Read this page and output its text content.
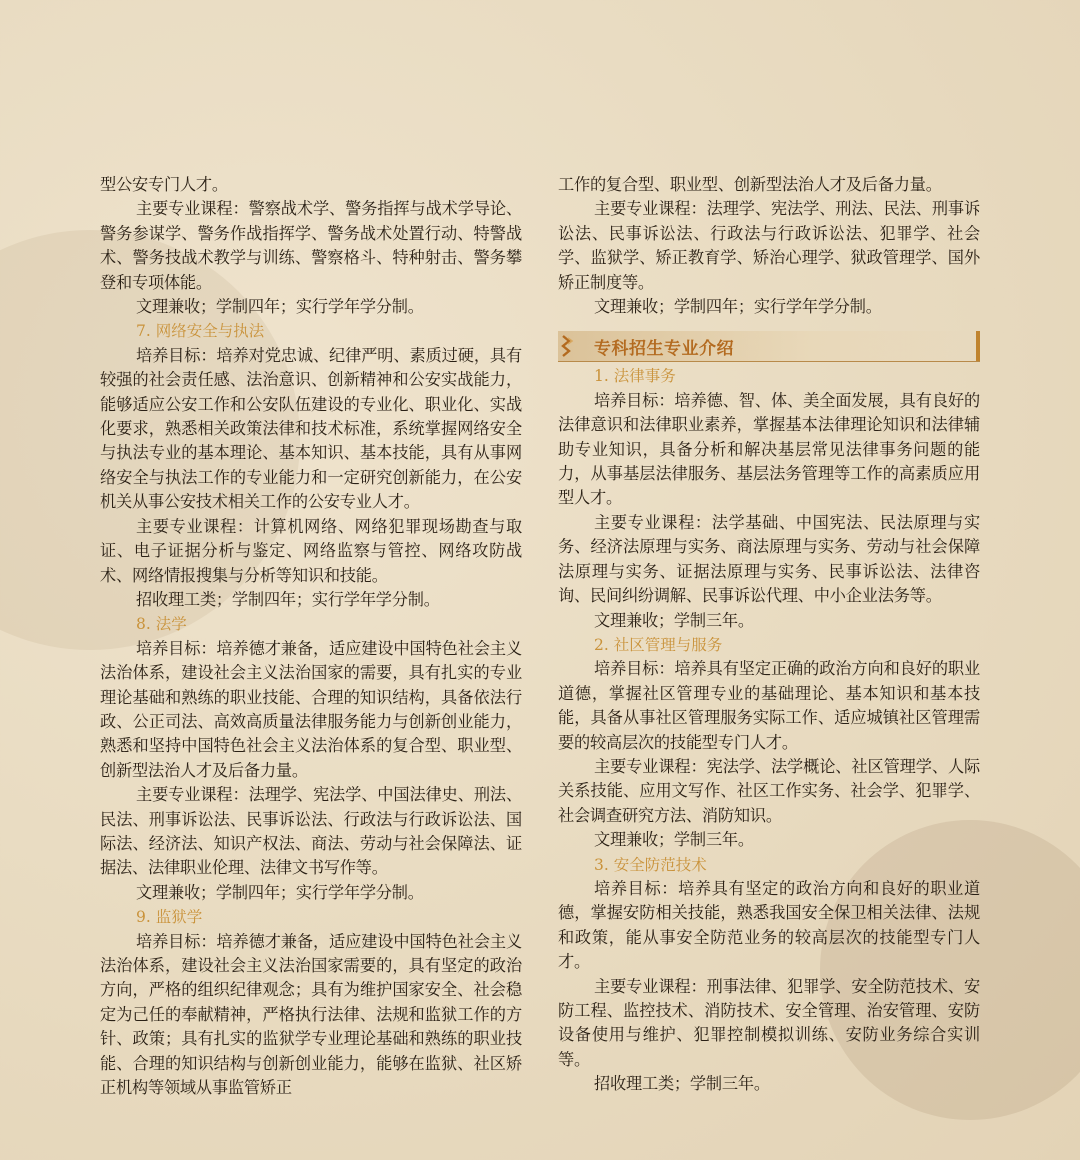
型公安专门人才。

主要专业课程：警察战术学、警务指挥与战术学导论、警务参谋学、警务作战指挥学、警务战术处置行动、特警战术、警务技战术教学与训练、警察格斗、特种射击、警务攀登和专项体能。

文理兼收；学制四年；实行学年学分制。

7. 网络安全与执法

培养目标：培养对党忠诚、纪律严明、素质过硬，具有较强的社会责任感、法治意识、创新精神和公安实战能力，能够适应公安工作和公安队伍建设的专业化、职业化、实战化要求，熟悉相关政策法律和技术标准，系统掌握网络安全与执法专业的基本理论、基本知识、基本技能，具有从事网络安全与执法工作的专业能力和一定研究创新能力，在公安机关从事公安技术相关工作的公安专业人才。

主要专业课程：计算机网络、网络犯罪现场勘查与取证、电子证据分析与鉴定、网络监察与管控、网络攻防战术、网络情报搜集与分析等知识和技能。

招收理工类；学制四年；实行学年学分制。

8. 法学

培养目标：培养德才兼备，适应建设中国特色社会主义法治体系，建设社会主义法治国家的需要，具有扎实的专业理论基础和熟练的职业技能、合理的知识结构，具备依法行政、公正司法、高效高质量法律服务能力与创新创业能力，熟悉和坚持中国特色社会主义法治体系的复合型、职业型、创新型法治人才及后备力量。

主要专业课程：法理学、宪法学、中国法律史、刑法、民法、刑事诉讼法、民事诉讼法、行政法与行政诉讼法、国际法、经济法、知识产权法、商法、劳动与社会保障法、证据法、法律职业伦理、法律文书写作等。

文理兼收；学制四年；实行学年学分制。

9. 监狱学

培养目标：培养德才兼备，适应建设中国特色社会主义法治体系，建设社会主义法治国家需要的，具有坚定的政治方向，严格的组织纪律观念；具有为维护国家安全、社会稳定为己任的奉献精神，严格执行法律、法规和监狱工作的方针、政策；具有扎实的监狱学专业理论基础和熟练的职业技能、合理的知识结构与创新创业能力，能够在监狱、社区矫正机构等领域从事监管矫正

工作的复合型、职业型、创新型法治人才及后备力量。

主要专业课程：法理学、宪法学、刑法、民法、刑事诉讼法、民事诉讼法、行政法与行政诉讼法、犯罪学、社会学、监狱学、矫正教育学、矫治心理学、狱政管理学、国外矫正制度等。

文理兼收；学制四年；实行学年学分制。

专科招生专业介绍

1. 法律事务

培养目标：培养德、智、体、美全面发展，具有良好的法律意识和法律职业素养，掌握基本法律理论知识和法律辅助专业知识，具备分析和解决基层常见法律事务问题的能力，从事基层法律服务、基层法务管理等工作的高素质应用型人才。

主要专业课程：法学基础、中国宪法、民法原理与实务、经济法原理与实务、商法原理与实务、劳动与社会保障法原理与实务、证据法原理与实务、民事诉讼法、法律咨询、民间纠纷调解、民事诉讼代理、中小企业法务等。

文理兼收；学制三年。

2. 社区管理与服务

培养目标：培养具有坚定正确的政治方向和良好的职业道德，掌握社区管理专业的基础理论、基本知识和基本技能，具备从事社区管理服务实际工作、适应城镇社区管理需要的较高层次的技能型专门人才。

主要专业课程：宪法学、法学概论、社区管理学、人际关系技能、应用文写作、社区工作实务、社会学、犯罪学、社会调查研究方法、消防知识。

文理兼收；学制三年。

3. 安全防范技术

培养目标：培养具有坚定的政治方向和良好的职业道德，掌握安防相关技能，熟悉我国安全保卫相关法律、法规和政策，能从事安全防范业务的较高层次的技能型专门人才。

主要专业课程：刑事法律、犯罪学、安全防范技术、安防工程、监控技术、消防技术、安全管理、治安管理、安防设备使用与维护、犯罪控制模拟训练、安防业务综合实训等。

招收理工类；学制三年。
